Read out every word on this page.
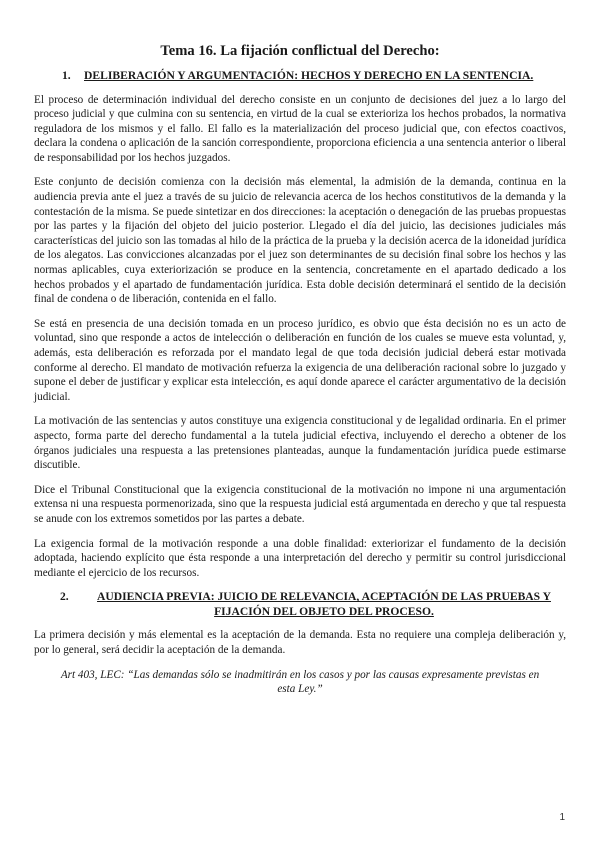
Tema 16. La fijación conflictual del Derecho:
1.	DELIBERACIÓN Y ARGUMENTACIÓN: HECHOS Y DERECHO EN LA SENTENCIA.

El proceso de determinación individual del derecho consiste en un conjunto de decisiones del juez a lo largo del proceso judicial y que culmina con su sentencia, en virtud de la cual se exterioriza los hechos probados, la normativa reguladora de los mismos y el fallo. El fallo es la materialización del proceso judicial que, con efectos coactivos, declara la condena o aplicación de la sanción correspondiente, proporciona eficiencia a una sentencia anterior o liberal de responsabilidad por los hechos juzgados.

Este conjunto de decisión comienza con la decisión más elemental, la admisión de la demanda, continua en la audiencia previa ante el juez a través de su juicio de relevancia acerca de los hechos constitutivos de la demanda y la contestación de la misma. Se puede sintetizar en dos direcciones: la aceptación o denegación de las pruebas propuestas por las partes y la fijación del objeto del juicio posterior. Llegado el día del juicio, las decisiones judiciales más características del juicio son las tomadas al hilo de la práctica de la prueba y la decisión acerca de la idoneidad jurídica de los alegatos. Las convicciones alcanzadas por el juez son determinantes de su decisión final sobre los hechos y las normas aplicables, cuya exteriorización se produce en la sentencia, concretamente en el apartado dedicado a los hechos probados y el apartado de fundamentación jurídica. Esta doble decisión determinará el sentido de la decisión final de condena o de liberación, contenida en el fallo.

Se está en presencia de una decisión tomada en un proceso jurídico, es obvio que ésta decisión no es un acto de voluntad, sino que responde a actos de intelección o deliberación en función de los cuales se mueve esta voluntad, y, además, esta deliberación es reforzada por el mandato legal de que toda decisión judicial deberá estar motivada conforme al derecho. El mandato de motivación refuerza la exigencia de una deliberación racional sobre lo juzgado y supone el deber de justificar y explicar esta intelección, es aquí donde aparece el carácter argumentativo de la decisión judicial.

La motivación de las sentencias y autos constituye una exigencia constitucional y de legalidad ordinaria. En el primer aspecto, forma parte del derecho fundamental a la tutela judicial efectiva, incluyendo el derecho a obtener de los órganos judiciales una respuesta a las pretensiones planteadas, aunque la fundamentación jurídica puede estimarse discutible.

Dice el Tribunal Constitucional que la exigencia constitucional de la motivación no impone ni una argumentación extensa ni una respuesta pormenorizada, sino que la respuesta judicial está argumentada en derecho y que tal respuesta se anude con los extremos sometidos por las partes a debate.

La exigencia formal de la motivación responde a una doble finalidad: exteriorizar el fundamento de la decisión adoptada, haciendo explícito que ésta responde a una interpretación del derecho y permitir su control jurisdiccional mediante el ejercicio de los recursos.

2.	AUDIENCIA PREVIA: JUICIO DE RELEVANCIA, ACEPTACIÓN DE LAS PRUEBAS Y FIJACIÓN DEL OBJETO DEL PROCESO.

La primera decisión y más elemental es la aceptación de la demanda. Esta no requiere una compleja deliberación y, por lo general, será decidir la aceptación de la demanda.

Art 403, LEC: “Las demandas sólo se inadmitirán en los casos y por las causas expresamente previstas en esta Ley.”

1
